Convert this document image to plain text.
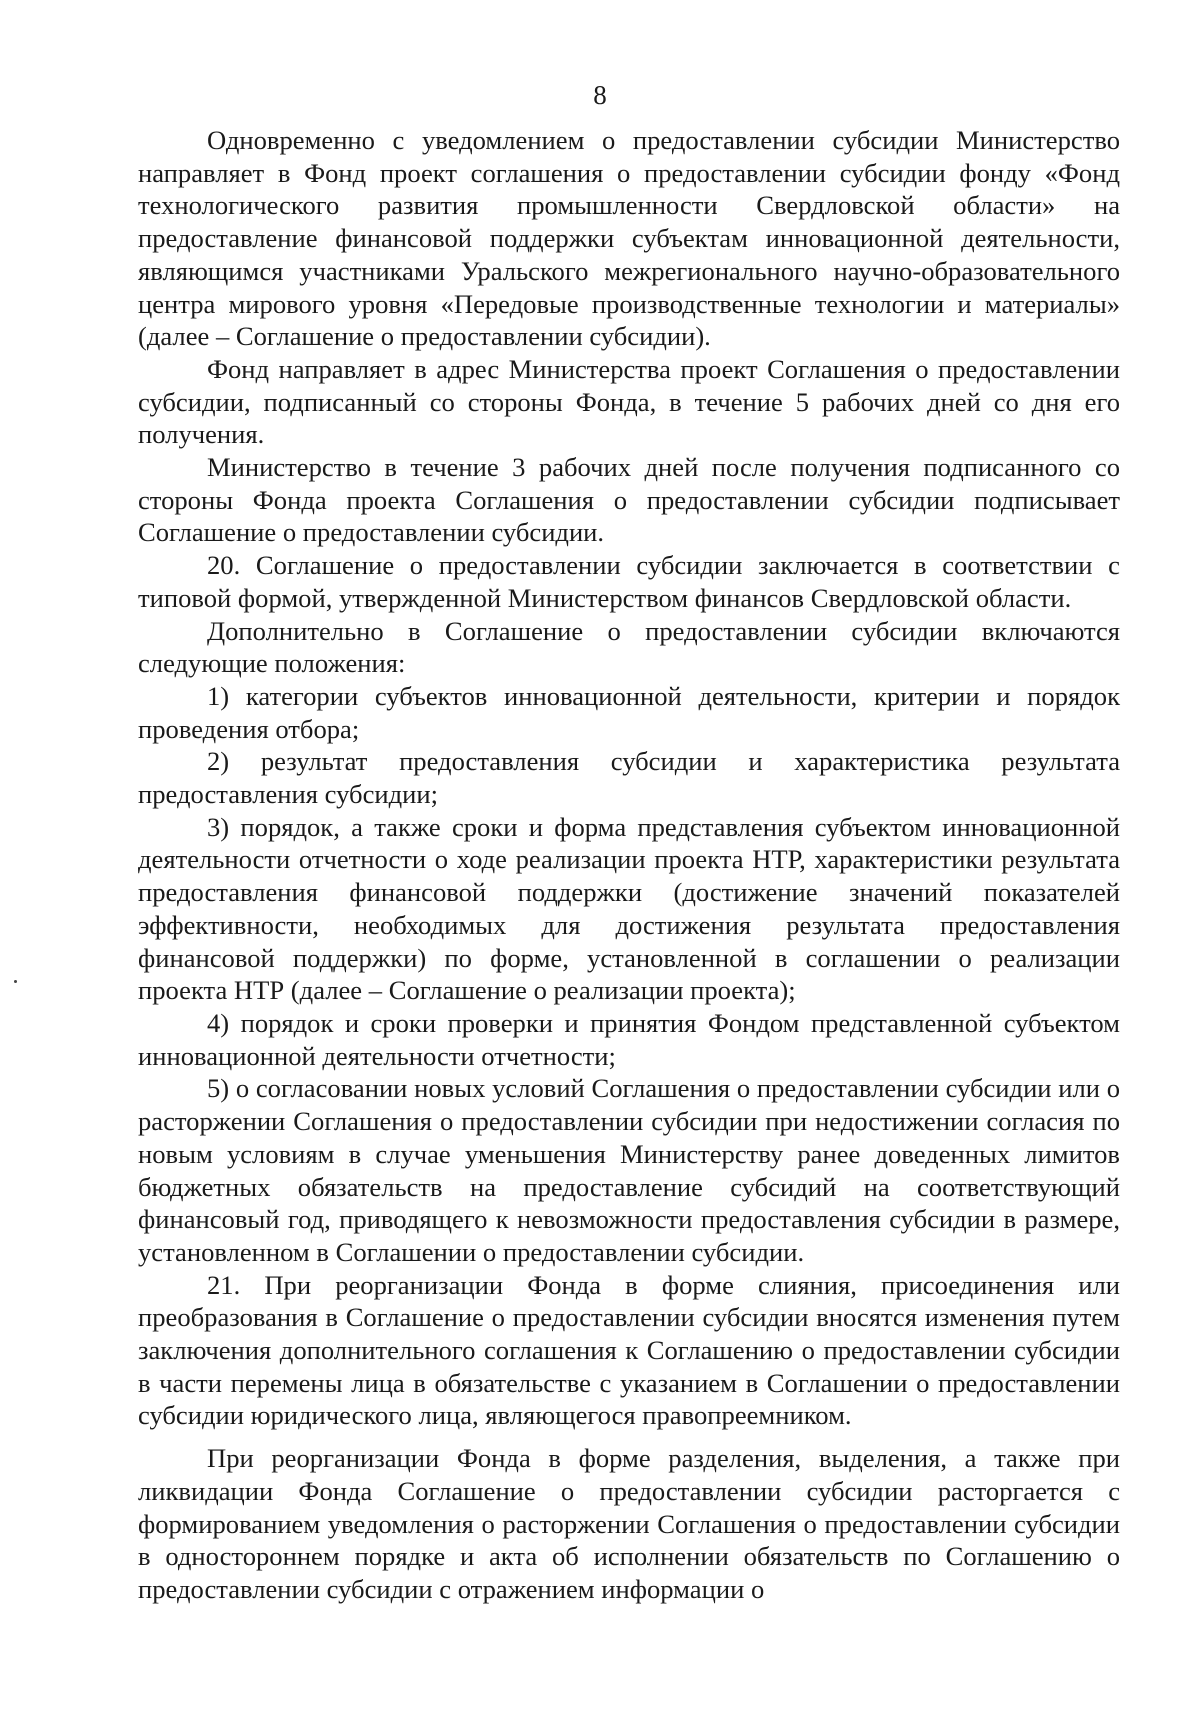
8

Одновременно с уведомлением о предоставлении субсидии Министерство направляет в Фонд проект соглашения о предоставлении субсидии фонду «Фонд технологического развития промышленности Свердловской области» на предоставление финансовой поддержки субъектам инновационной деятельности, являющимся участниками Уральского межрегионального научно-образовательного центра мирового уровня «Передовые производственные технологии и материалы» (далее – Соглашение о предоставлении субсидии).

Фонд направляет в адрес Министерства проект Соглашения о предоставлении субсидии, подписанный со стороны Фонда, в течение 5 рабочих дней со дня его получения.

Министерство в течение 3 рабочих дней после получения подписанного со стороны Фонда проекта Соглашения о предоставлении субсидии подписывает Соглашение о предоставлении субсидии.

20. Соглашение о предоставлении субсидии заключается в соответствии с типовой формой, утвержденной Министерством финансов Свердловской области.

Дополнительно в Соглашение о предоставлении субсидии включаются следующие положения:

1) категории субъектов инновационной деятельности, критерии и порядок проведения отбора;

2) результат предоставления субсидии и характеристика результата предоставления субсидии;

3) порядок, а также сроки и форма представления субъектом инновационной деятельности отчетности о ходе реализации проекта НТР, характеристики результата предоставления финансовой поддержки (достижение значений показателей эффективности, необходимых для достижения результата предоставления финансовой поддержки) по форме, установленной в соглашении о реализации проекта НТР (далее – Соглашение о реализации проекта);

4) порядок и сроки проверки и принятия Фондом представленной субъектом инновационной деятельности отчетности;

5) о согласовании новых условий Соглашения о предоставлении субсидии или о расторжении Соглашения о предоставлении субсидии при недостижении согласия по новым условиям в случае уменьшения Министерству ранее доведенных лимитов бюджетных обязательств на предоставление субсидий на соответствующий финансовый год, приводящего к невозможности предоставления субсидии в размере, установленном в Соглашении о предоставлении субсидии.

21. При реорганизации Фонда в форме слияния, присоединения или преобразования в Соглашение о предоставлении субсидии вносятся изменения путем заключения дополнительного соглашения к Соглашению о предоставлении субсидии в части перемены лица в обязательстве с указанием в Соглашении о предоставлении субсидии юридического лица, являющегося правопреемником.

При реорганизации Фонда в форме разделения, выделения, а также при ликвидации Фонда Соглашение о предоставлении субсидии расторгается с формированием уведомления о расторжении Соглашения о предоставлении субсидии в одностороннем порядке и акта об исполнении обязательств по Соглашению о предоставлении субсидии с отражением информации о
